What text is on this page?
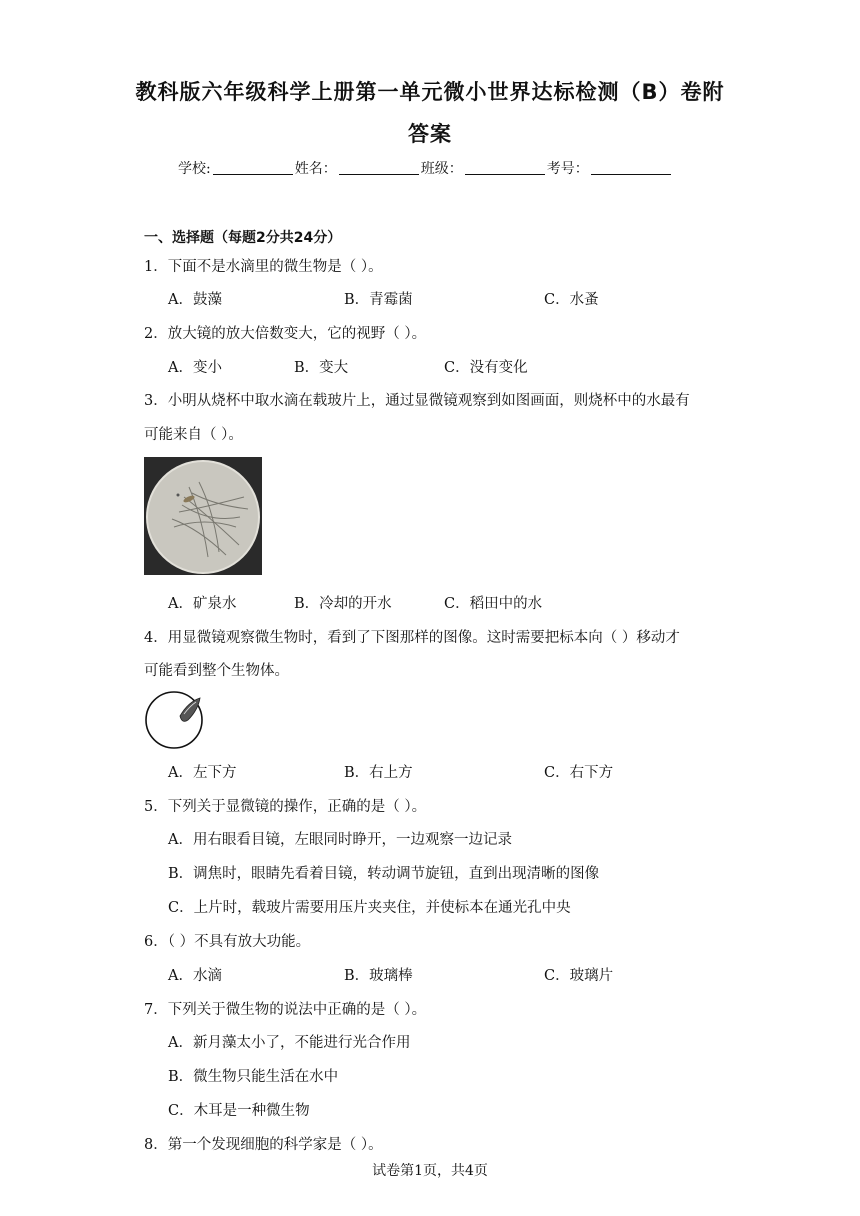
教科版六年级科学上册第一单元微小世界达标检测（B）卷附
答案
学校:	姓名：	班级：	考号：
一、选择题（每题2分共24分）
1．下面不是水滴里的微生物是（ ）。
A．鼓藻	B．青霉菌	C．水蚤
2．放大镜的放大倍数变大，它的视野（ ）。
A．变小	B．变大	C．没有变化
3．小明从烧杯中取水滴在载玻片上，通过显微镜观察到如图画面，则烧杯中的水最有
可能来自（ ）。
A．矿泉水	B．冷却的开水	C．稻田中的水
4．用显微镜观察微生物时，看到了下图那样的图像。这时需要把标本向（ ）移动才
可能看到整个生物体。
A．左下方	B．右上方	C．右下方
5．下列关于显微镜的操作，正确的是（ ）。
A．用右眼看目镜，左眼同时睁开，一边观察一边记录
B．调焦时，眼睛先看着目镜，转动调节旋钮，直到出现清晰的图像
C．上片时，载玻片需要用压片夹夹住，并使标本在通光孔中央
6．（ ）不具有放大功能。
A．水滴	B．玻璃棒	C．玻璃片
7．下列关于微生物的说法中正确的是（ ）。
A．新月藻太小了，不能进行光合作用
B．微生物只能生活在水中
C．木耳是一种微生物
8．第一个发现细胞的科学家是（ ）。
试卷第1页，共4页
